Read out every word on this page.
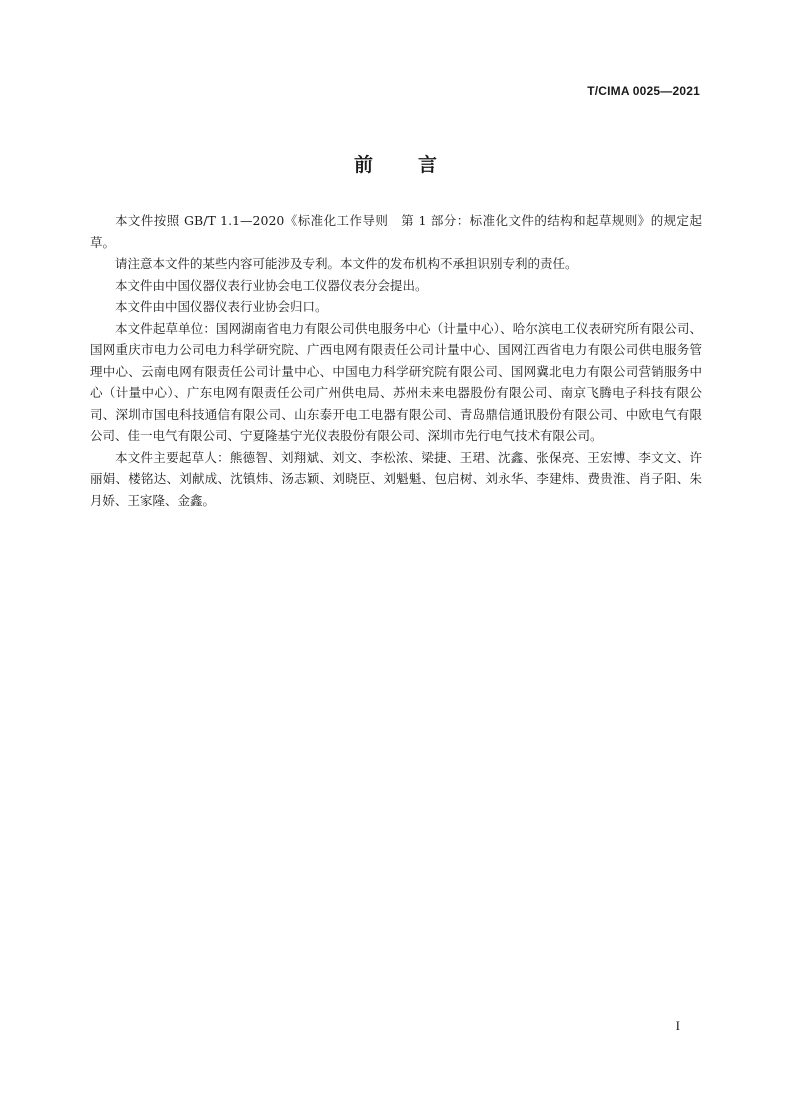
T/CIMA 0025—2021
前 言

本文件按照 GB/T 1.1—2020《标准化工作导则　第 1 部分：标准化文件的结构和起草规则》的规定起草。

请注意本文件的某些内容可能涉及专利。本文件的发布机构不承担识别专利的责任。

本文件由中国仪器仪表行业协会电工仪器仪表分会提出。

本文件由中国仪器仪表行业协会归口。

本文件起草单位：国网湖南省电力有限公司供电服务中心（计量中心）、哈尔滨电工仪表研究所有限公司、国网重庆市电力公司电力科学研究院、广西电网有限责任公司计量中心、国网江西省电力有限公司供电服务管理中心、云南电网有限责任公司计量中心、中国电力科学研究院有限公司、国网冀北电力有限公司营销服务中心（计量中心）、广东电网有限责任公司广州供电局、苏州未来电器股份有限公司、南京飞腾电子科技有限公司、深圳市国电科技通信有限公司、山东泰开电工电器有限公司、青岛鼎信通讯股份有限公司、中欧电气有限公司、佳一电气有限公司、宁夏隆基宁光仪表股份有限公司、深圳市先行电气技术有限公司。

本文件主要起草人：熊德智、刘翔斌、刘文、李松浓、梁捷、王珺、沈鑫、张保亮、王宏博、李文文、许丽娟、楼铭达、刘献成、沈镇炜、汤志颖、刘晓臣、刘魁魁、包启树、刘永华、李建炜、费贵淮、肖子阳、朱月娇、王家隆、金鑫。

I
